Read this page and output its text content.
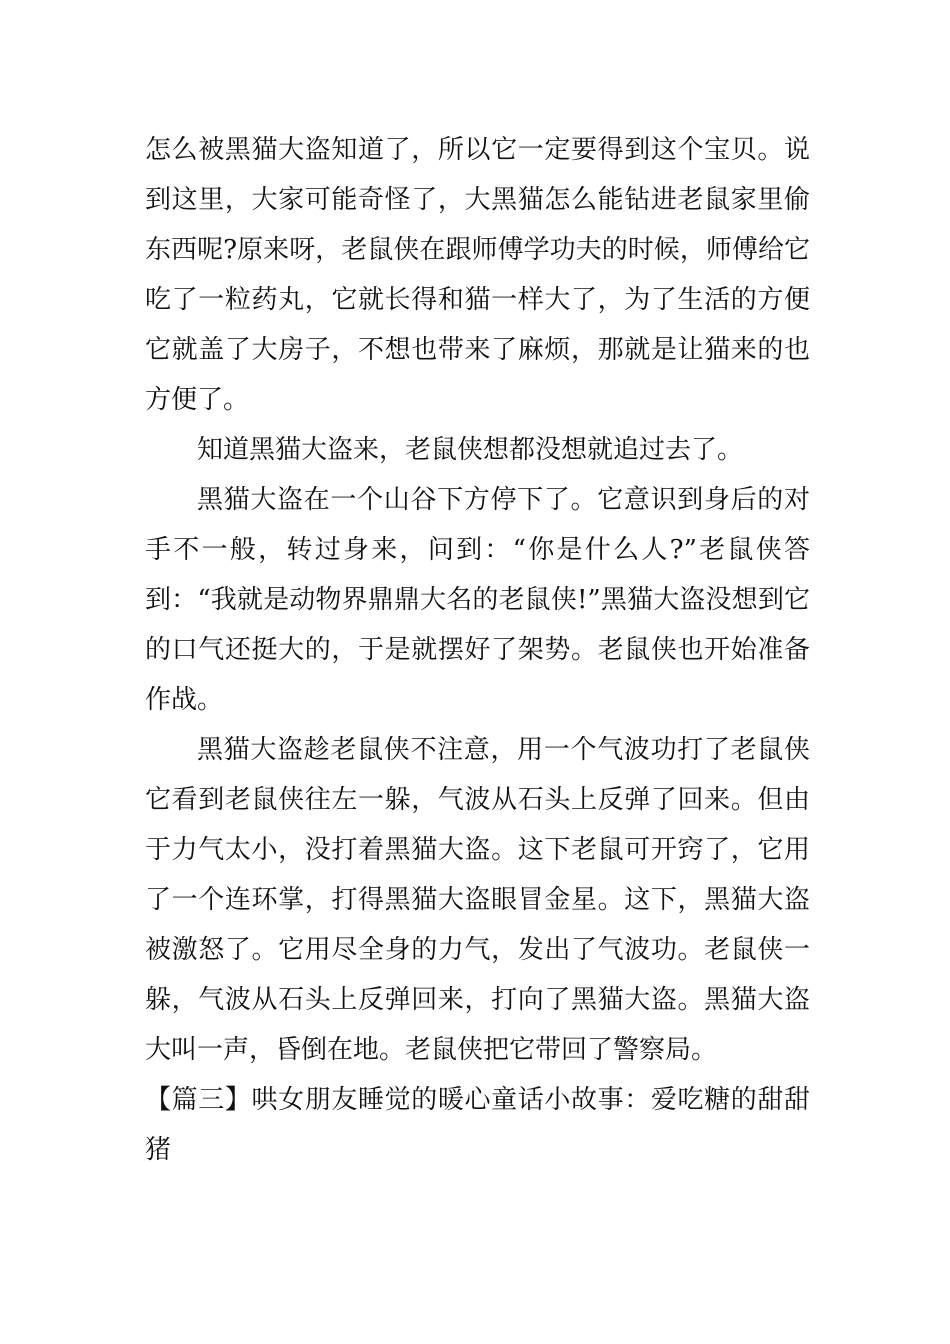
怎么被黑猫大盗知道了，所以它一定要得到这个宝贝。说到这里，大家可能奇怪了，大黑猫怎么能钻进老鼠家里偷东西呢?原来呀，老鼠侠在跟师傅学功夫的时候，师傅给它吃了一粒药丸，它就长得和猫一样大了，为了生活的方便它就盖了大房子，不想也带来了麻烦，那就是让猫来的也方便了。

知道黑猫大盗来，老鼠侠想都没想就追过去了。

黑猫大盗在一个山谷下方停下了。它意识到身后的对手不一般，转过身来，问到：“你是什么人?”老鼠侠答到：“我就是动物界鼎鼎大名的老鼠侠!”黑猫大盗没想到它的口气还挺大的，于是就摆好了架势。老鼠侠也开始准备作战。

黑猫大盗趁老鼠侠不注意，用一个气波功打了老鼠侠它看到老鼠侠往左一躲，气波从石头上反弹了回来。但由于力气太小，没打着黑猫大盗。这下老鼠可开窍了，它用了一个连环掌，打得黑猫大盗眼冒金星。这下，黑猫大盗被激怒了。它用尽全身的力气，发出了气波功。老鼠侠一躲，气波从石头上反弹回来，打向了黑猫大盗。黑猫大盗大叫一声，昏倒在地。老鼠侠把它带回了警察局。

【篇三】哄女朋友睡觉的暖心童话小故事：爱吃糖的甜甜猪
